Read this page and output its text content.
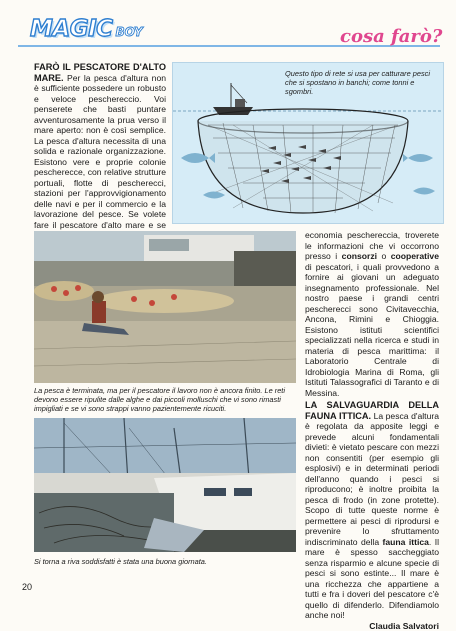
MAGIC BOY	cosa farò?

FARÒ IL PESCATORE D'ALTO MARE. Per la pesca d'altura non è sufficiente possedere un robusto e veloce peschereccio. Voi penserete che basti puntare avventurosamente la prua verso il mare aperto: non è così semplice. La pesca d'altura necessita di una solida e razionale organizzazione. Esistono vere e proprie colonie peschereccе, con relative strutture portuali, flotte di pescherecci, stazioni per l'approvvigionamento delle navi e per il commercio e la lavorazione del pesce. Se volete fare il pescatore d'alto mare e se

Questo tipo di rete si usa per catturare pesci che si spostano in banchi; come tonni e sgombri.
La pesca è terminata, ma per il pescatore il lavoro non è ancora finito. Le reti devono essere ripulite dalle alghe e dai piccoli molluschi che vi sono rimasti impigliati e se vi sono strappi vanno pazientemente ricuciti.
Si torna a riva soddisfatti è stata una buona giornata.

economia peschereccia, troverete le informazioni che vi occorrono presso i consorzi o cooperative di pescatori, i quali provvedono a fornire ai giovani un adeguato insegnamento professionale. Nel nostro paese i grandi centri pescherecci sono Civitavecchia, Ancona, Rimini e Chioggia. Esistono istituti scientifici specializzati nella ricerca e studi in materia di pesca marittima: il Laboratorio Centrale di Idrobiologia Marina di Roma, gli Istituti Talassografici di Taranto e di Messina.

LA SALVAGUARDIA DELLA FAUNA ITTICA. La pesca d'altura è regolata da apposite leggi e prevede alcuni fondamentali divieti: è vietato pescare con mezzi non consentiti (per esempio gli esplosivi) e in determinati periodi dell'anno quando i pesci si riproducono; è inoltre proibita la pesca di frodo (in zone protette). Scopo di tutte queste norme è permettere ai pesci di riprodursi e prevenire lo sfruttamento indiscriminato della fauna ittica. Il mare è spesso saccheggiato senza risparmio e alcune specie di pesci si sono estinte... Il mare è una ricchezza che appartiene a tutti e fra i doveri del pescatore c'è quello di difenderlo. Difendiamolo anche noi!

Claudia Salvatori

20
